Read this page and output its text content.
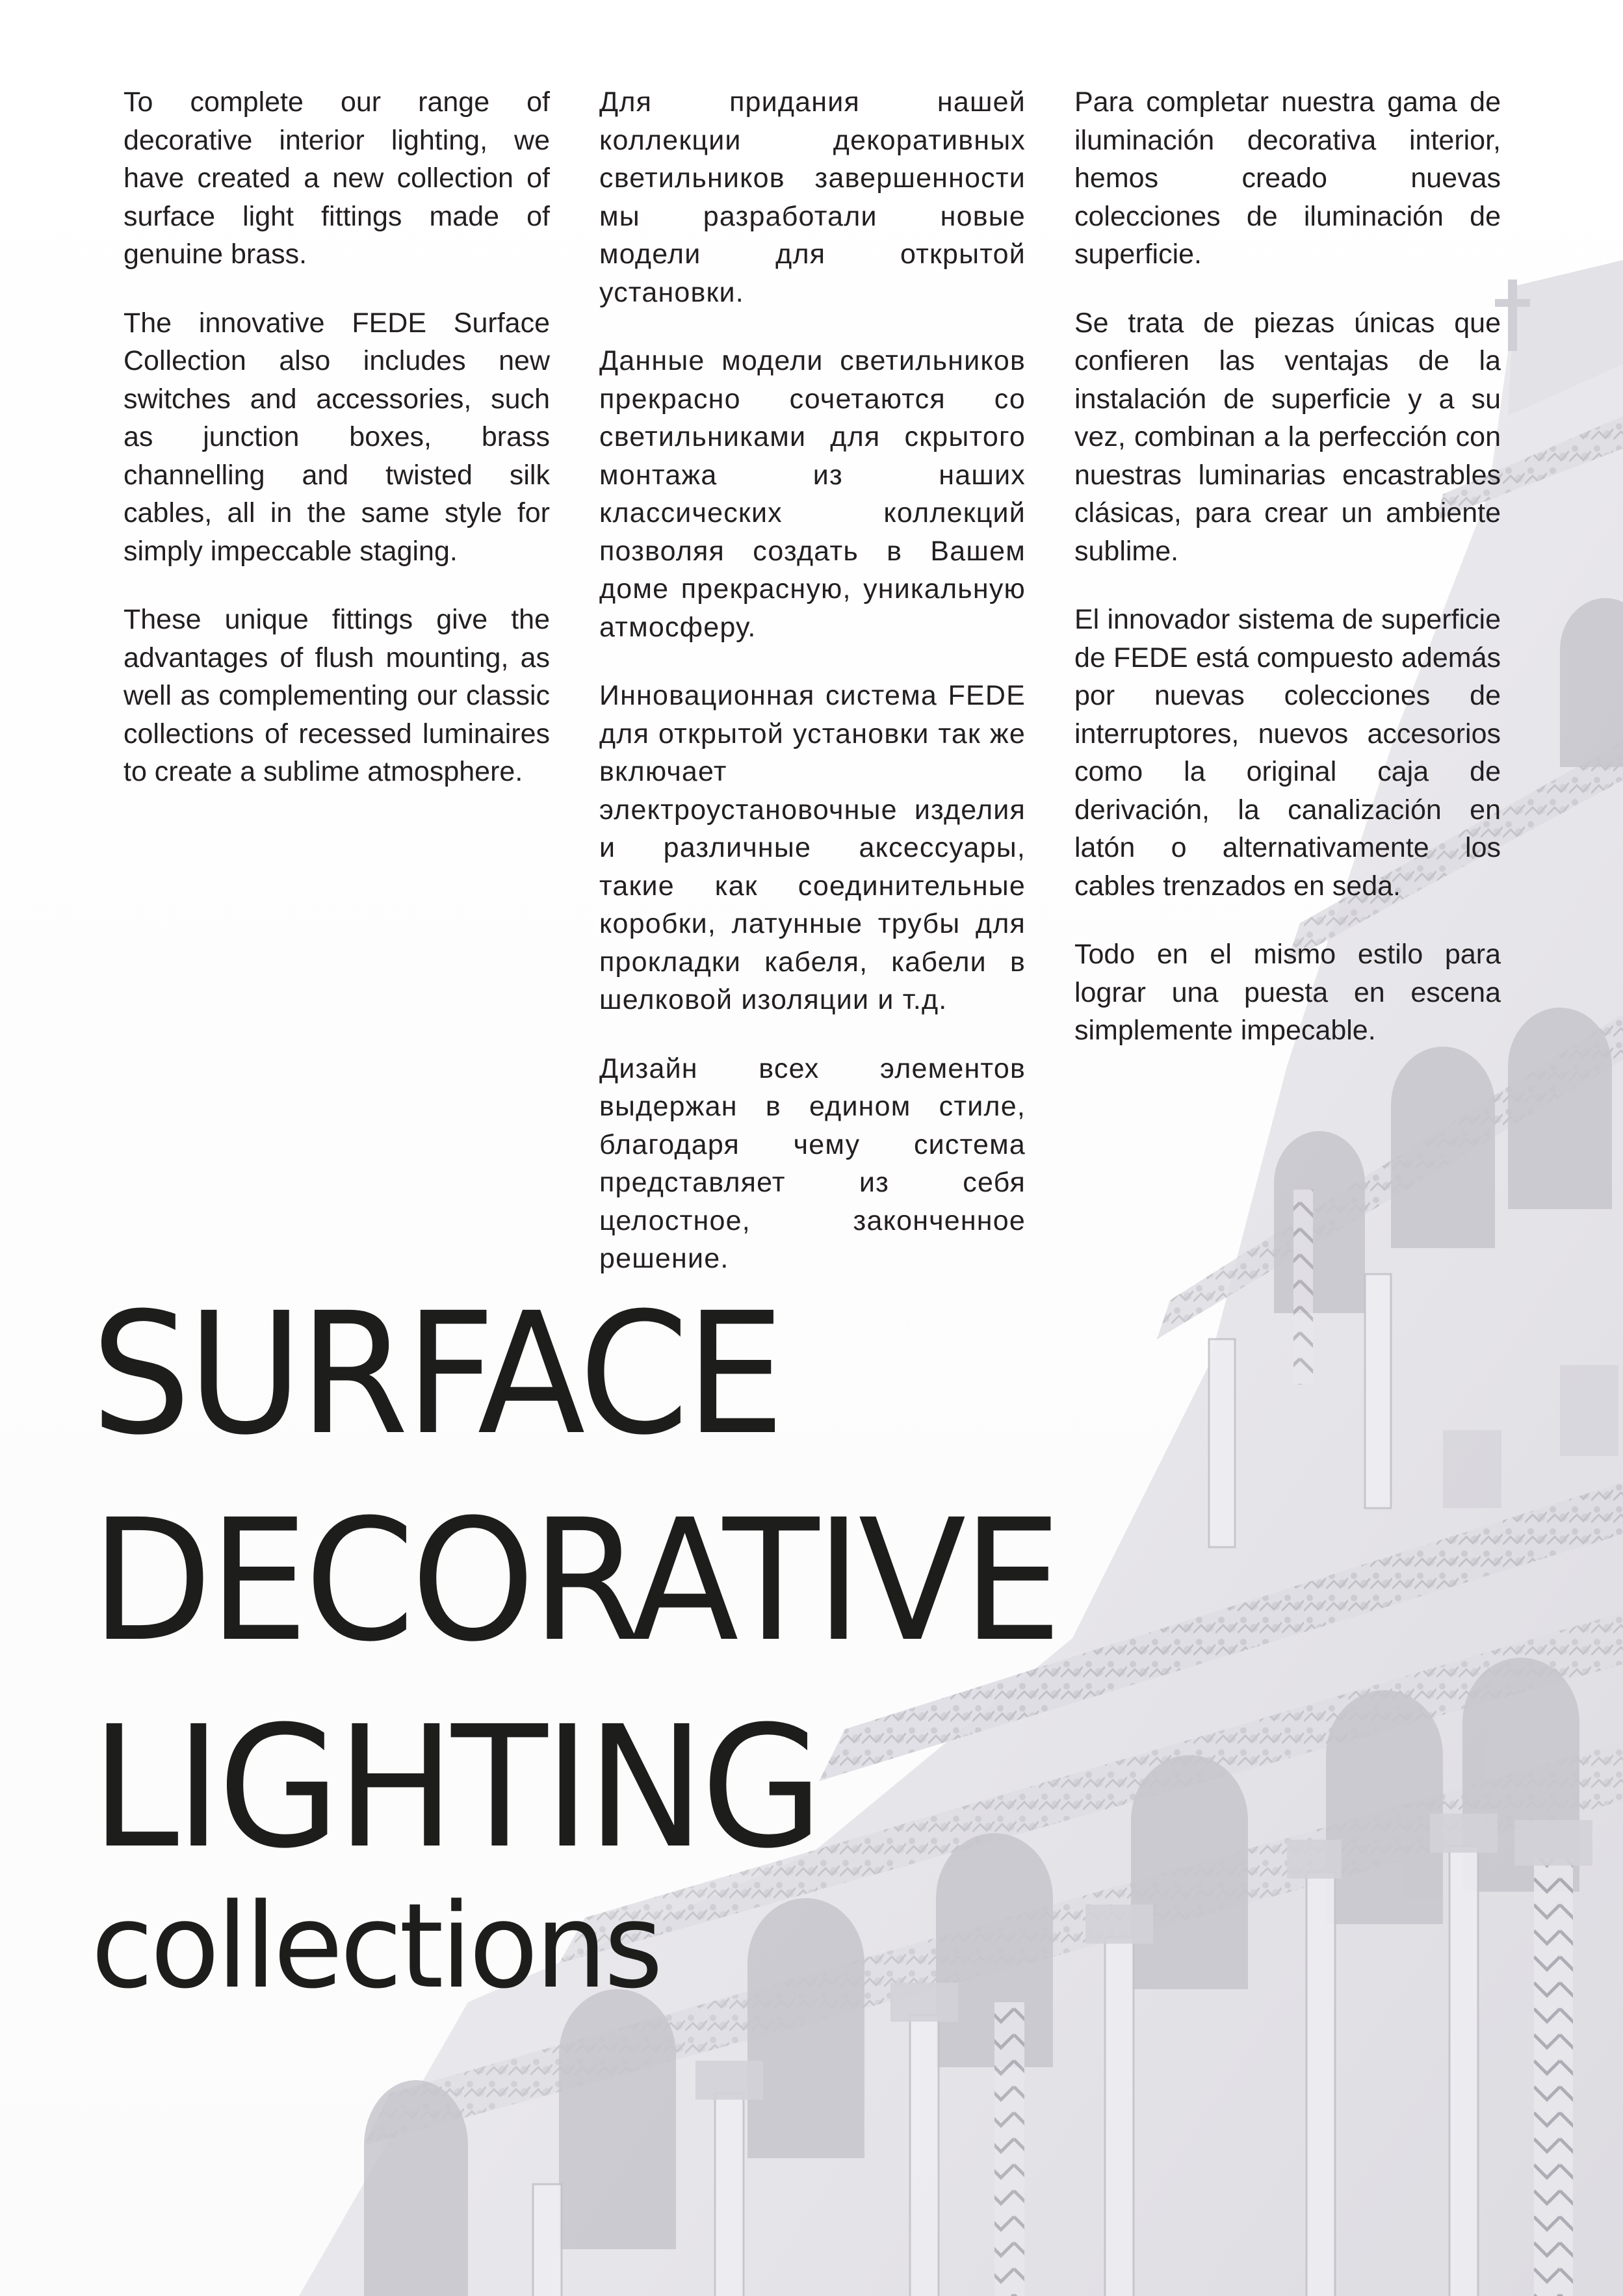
To complete our range of decorative interior lighting, we have created a new collection of surface light fittings made of genuine brass.

The innovative FEDE Surface Collection also includes new switches and accessories, such as junction boxes, brass channelling and twisted silk cables, all in the same style for simply impeccable staging.

These unique fittings give the advantages of flush mounting, as well as complementing our classic collections of recessed luminaires to create a sublime atmosphere.

Для придания нашей коллекции декоративных светильников завершенности мы разработали новые модели для открытой установки.

Данные модели светильников прекрасно сочетаются со светильниками для скрытого монтажа из наших классических коллекций позволяя создать в Вашем доме прекрасную, уникальную атмосферу.

Инновационная система FEDE для открытой установки так же включает электроустановочные изделия и различные аксессуары, такие как соединительные коробки, латунные трубы для прокладки кабеля, кабели в шелковой изоляции и т.д.

Дизайн всех элементов выдержан в едином стиле, благодаря чему система представляет из себя целостное, законченное решение.

Para completar nuestra gama de iluminación decorativa interior, hemos creado nuevas colecciones de iluminación de superficie.

Se trata de piezas únicas que confieren las ventajas de la instalación de superficie y a su vez, combinan a la perfección con nuestras luminarias encastrables clásicas, para crear un ambiente sublime.

El innovador sistema de superficie de FEDE está compuesto además por nuevas colecciones de interruptores, nuevos accesorios como la original caja de derivación, la canalización en latón o alternativamente los cables trenzados en seda.

Todo en el mismo estilo para lograr una puesta en escena simplemente impecable.

SURFACE
DECORATIVE
LIGHTING
collections
